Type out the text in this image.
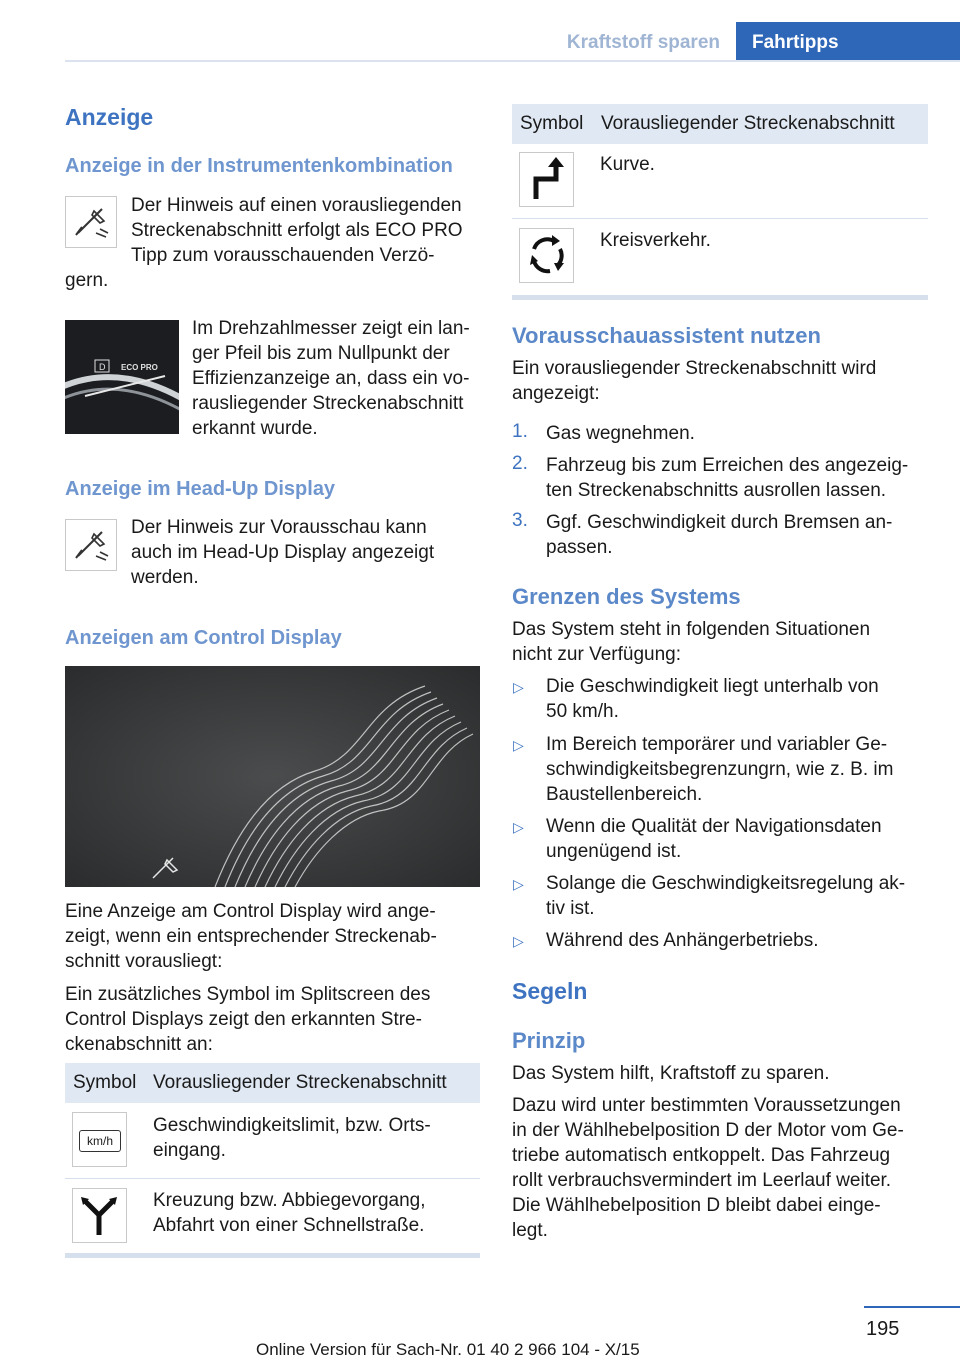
Kraftstoff sparen	Fahrtipps
Anzeige
Anzeige in der Instrumentenkombination
Der Hinweis auf einen vorausliegenden
Streckenabschnitt erfolgt als ECO PRO
Tipp zum vorausschauenden Verzö-
gern.
D ECO PRO
Im Drehzahlmesser zeigt ein lan-
ger Pfeil bis zum Nullpunkt der
Effizienzanzeige an, dass ein vo-
rausliegender Streckenabschnitt
erkannt wurde.
Anzeige im Head-Up Display
Der Hinweis zur Vorausschau kann
auch im Head-Up Display angezeigt
werden.
Anzeigen am Control Display
Eine Anzeige am Control Display wird ange-
zeigt, wenn ein entsprechender Streckenab-
schnitt vorausliegt:
Ein zusätzliches Symbol im Splitscreen des
Control Displays zeigt den erkannten Stre-
ckenabschnitt an:
Symbol Vorausliegender Streckenabschnitt
km/h
Geschwindigkeitslimit, bzw. Orts-
eingang.
Kreuzung bzw. Abbiegevorgang,
Abfahrt von einer Schnellstraße.
Symbol Vorausliegender Streckenabschnitt
Kurve.
Kreisverkehr.
Vorausschauassistent nutzen
Ein vorausliegender Streckenabschnitt wird
angezeigt:
1. Gas wegnehmen.
2. Fahrzeug bis zum Erreichen des angezeig-
ten Streckenabschnitts ausrollen lassen.
3. Ggf. Geschwindigkeit durch Bremsen an-
passen.
Grenzen des Systems
Das System steht in folgenden Situationen
nicht zur Verfügung:
▷ Die Geschwindigkeit liegt unterhalb von
50 km/h.
▷ Im Bereich temporärer und variabler Ge-
schwindigkeitsbegrenzungrn, wie z. B. im
Baustellenbereich.
▷ Wenn die Qualität der Navigationsdaten
ungenügend ist.
▷ Solange die Geschwindigkeitsregelung ak-
tiv ist.
▷ Während des Anhängerbetriebs.
Segeln
Prinzip
Das System hilft, Kraftstoff zu sparen.
Dazu wird unter bestimmten Voraussetzungen
in der Wählhebelposition D der Motor vom Ge-
triebe automatisch entkoppelt. Das Fahrzeug
rollt verbrauchsvermindert im Leerlauf weiter.
Die Wählhebelposition D bleibt dabei einge-
legt.
195
Online Version für Sach-Nr. 01 40 2 966 104 - X/15
